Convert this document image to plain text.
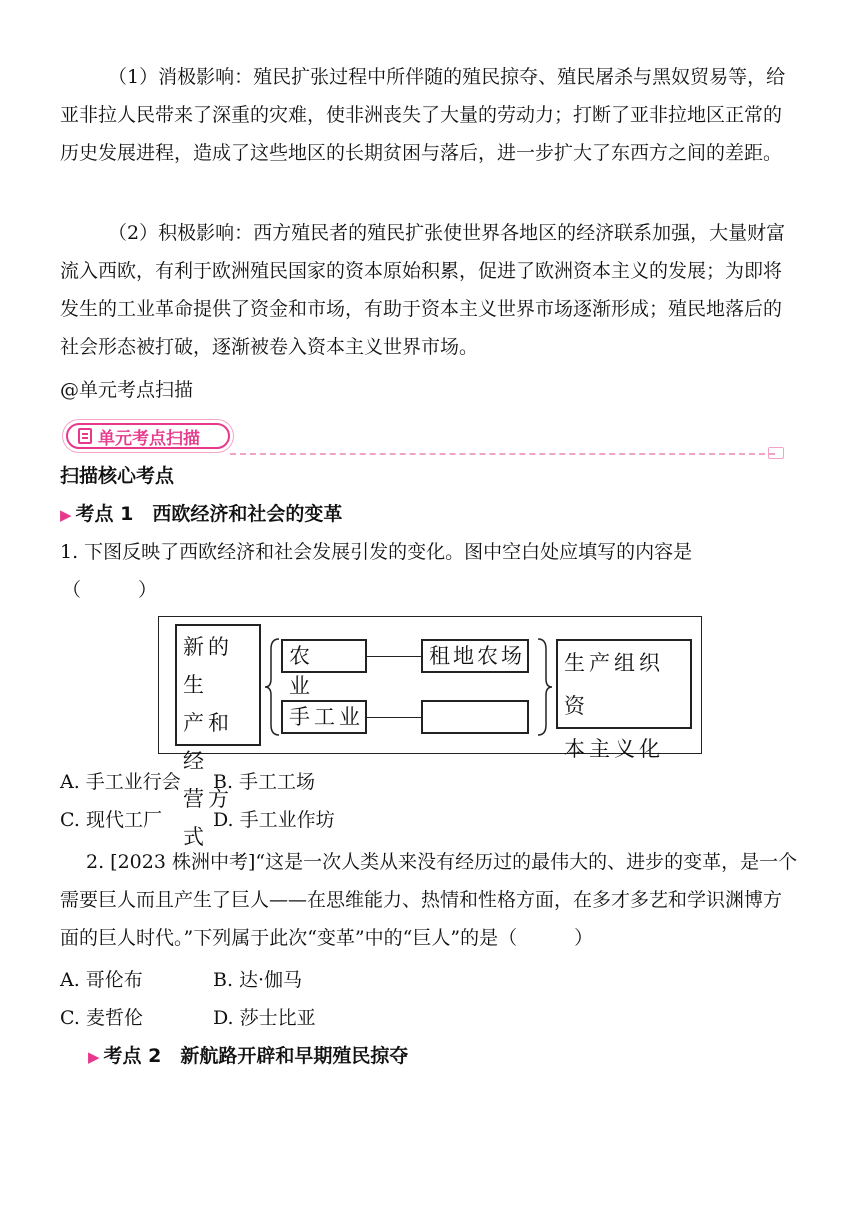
（1）消极影响：殖民扩张过程中所伴随的殖民掠夺、殖民屠杀与黑奴贸易等，给亚非拉人民带来了深重的灾难，使非洲丧失了大量的劳动力；打断了亚非拉地区正常的历史发展进程，造成了这些地区的长期贫困与落后，进一步扩大了东西方之间的差距。

（2）积极影响：西方殖民者的殖民扩张使世界各地区的经济联系加强，大量财富流入西欧，有利于欧洲殖民国家的资本原始积累，促进了欧洲资本主义的发展；为即将发生的工业革命提供了资金和市场，有助于资本主义世界市场逐渐形成；殖民地落后的社会形态被打破，逐渐被卷入资本主义世界市场。

@单元考点扫描
单元考点扫描
扫描核心考点
▶ 考点 1　西欧经济和社会的变革
1. 下图反映了西欧经济和社会发展引发的变化。图中空白处应填写的内容是
（　　　）
新的生
产和经
营方式
农　业
租地农场
手工业
生产组织资
本主义化
A. 手工业行会 B. 手工工场
C. 现代工厂	D. 手工业作坊

2. [2023 株洲中考]“这是一次人类从来没有经历过的最伟大的、进步的变革，是一个需要巨人而且产生了巨人——在思维能力、热情和性格方面，在多才多艺和学识渊博方面的巨人时代。”下列属于此次“变革”中的“巨人”的是（　　　）

A. 哥伦布	B. 达·伽马
C. 麦哲伦	D. 莎士比亚
▶ 考点 2　新航路开辟和早期殖民掠夺
